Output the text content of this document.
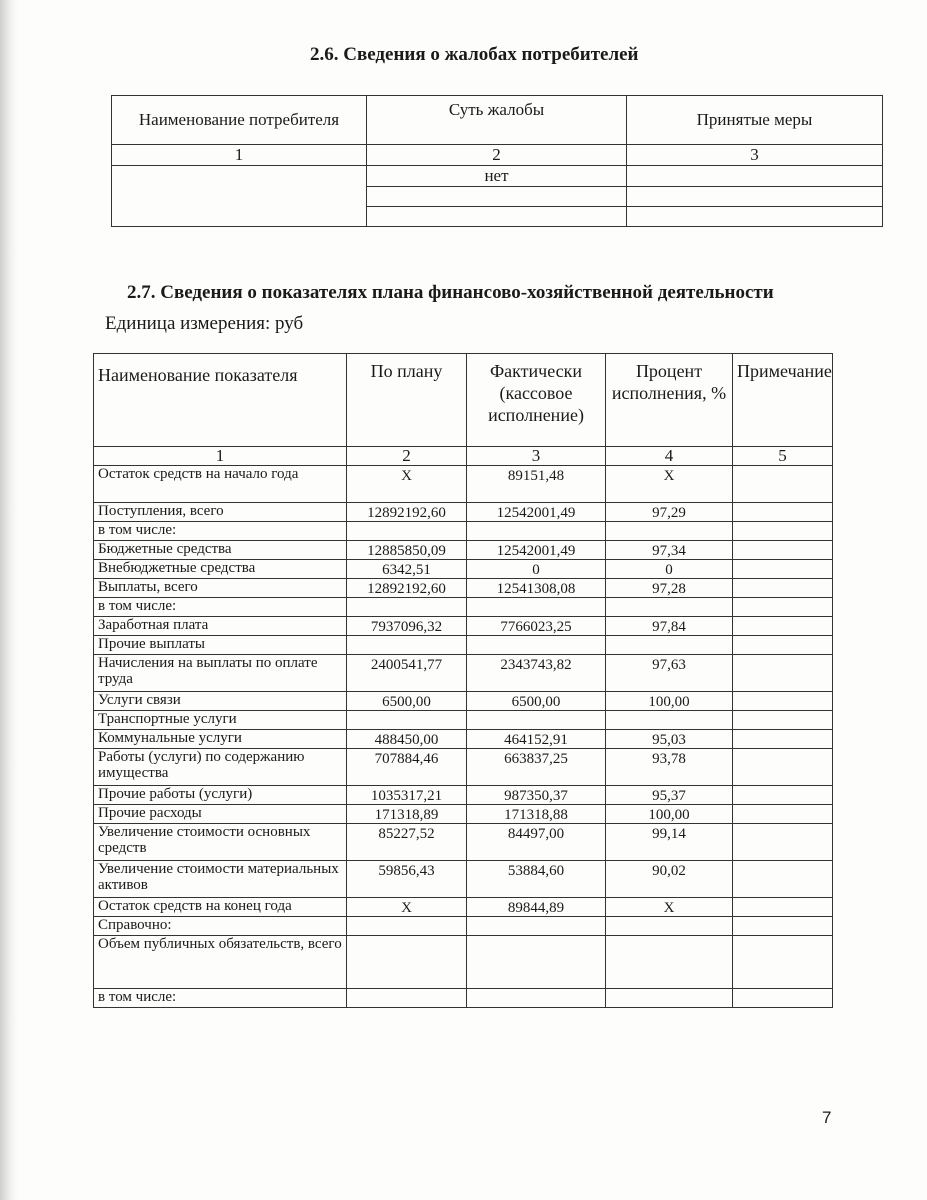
2.6. Сведения о жалобах потребителей
Наименование потребителя	Суть жалобы	Принятые меры
1	2	3
	нет	

2.7. Сведения о показателях плана финансово-хозяйственной деятельности
Единица измерения: руб
Наименование показателя	По плану	Фактически (кассовое исполнение)	Процент исполнения, %	Примечание
1	2	3	4	5
Остаток средств на начало года	X	89151,48	X	
Поступления, всего	12892192,60	12542001,49	97,29	
в том числе:				
Бюджетные средства	12885850,09	12542001,49	97,34	
Внебюджетные средства	6342,51	0	0	
Выплаты, всего	12892192,60	12541308,08	97,28	
в том числе:				
Заработная плата	7937096,32	7766023,25	97,84	
Прочие выплаты				
Начисления на выплаты по оплате труда	2400541,77	2343743,82	97,63	
Услуги связи	6500,00	6500,00	100,00	
Транспортные услуги				
Коммунальные услуги	488450,00	464152,91	95,03	
Работы (услуги) по содержанию имущества	707884,46	663837,25	93,78	
Прочие работы (услуги)	1035317,21	987350,37	95,37	
Прочие расходы	171318,89	171318,88	100,00	
Увеличение стоимости основных средств	85227,52	84497,00	99,14	
Увеличение стоимости материальных активов	59856,43	53884,60	90,02	
Остаток средств на конец года	X	89844,89	X	
Справочно:				
Объем публичных обязательств, всего				
в том числе:				
7
